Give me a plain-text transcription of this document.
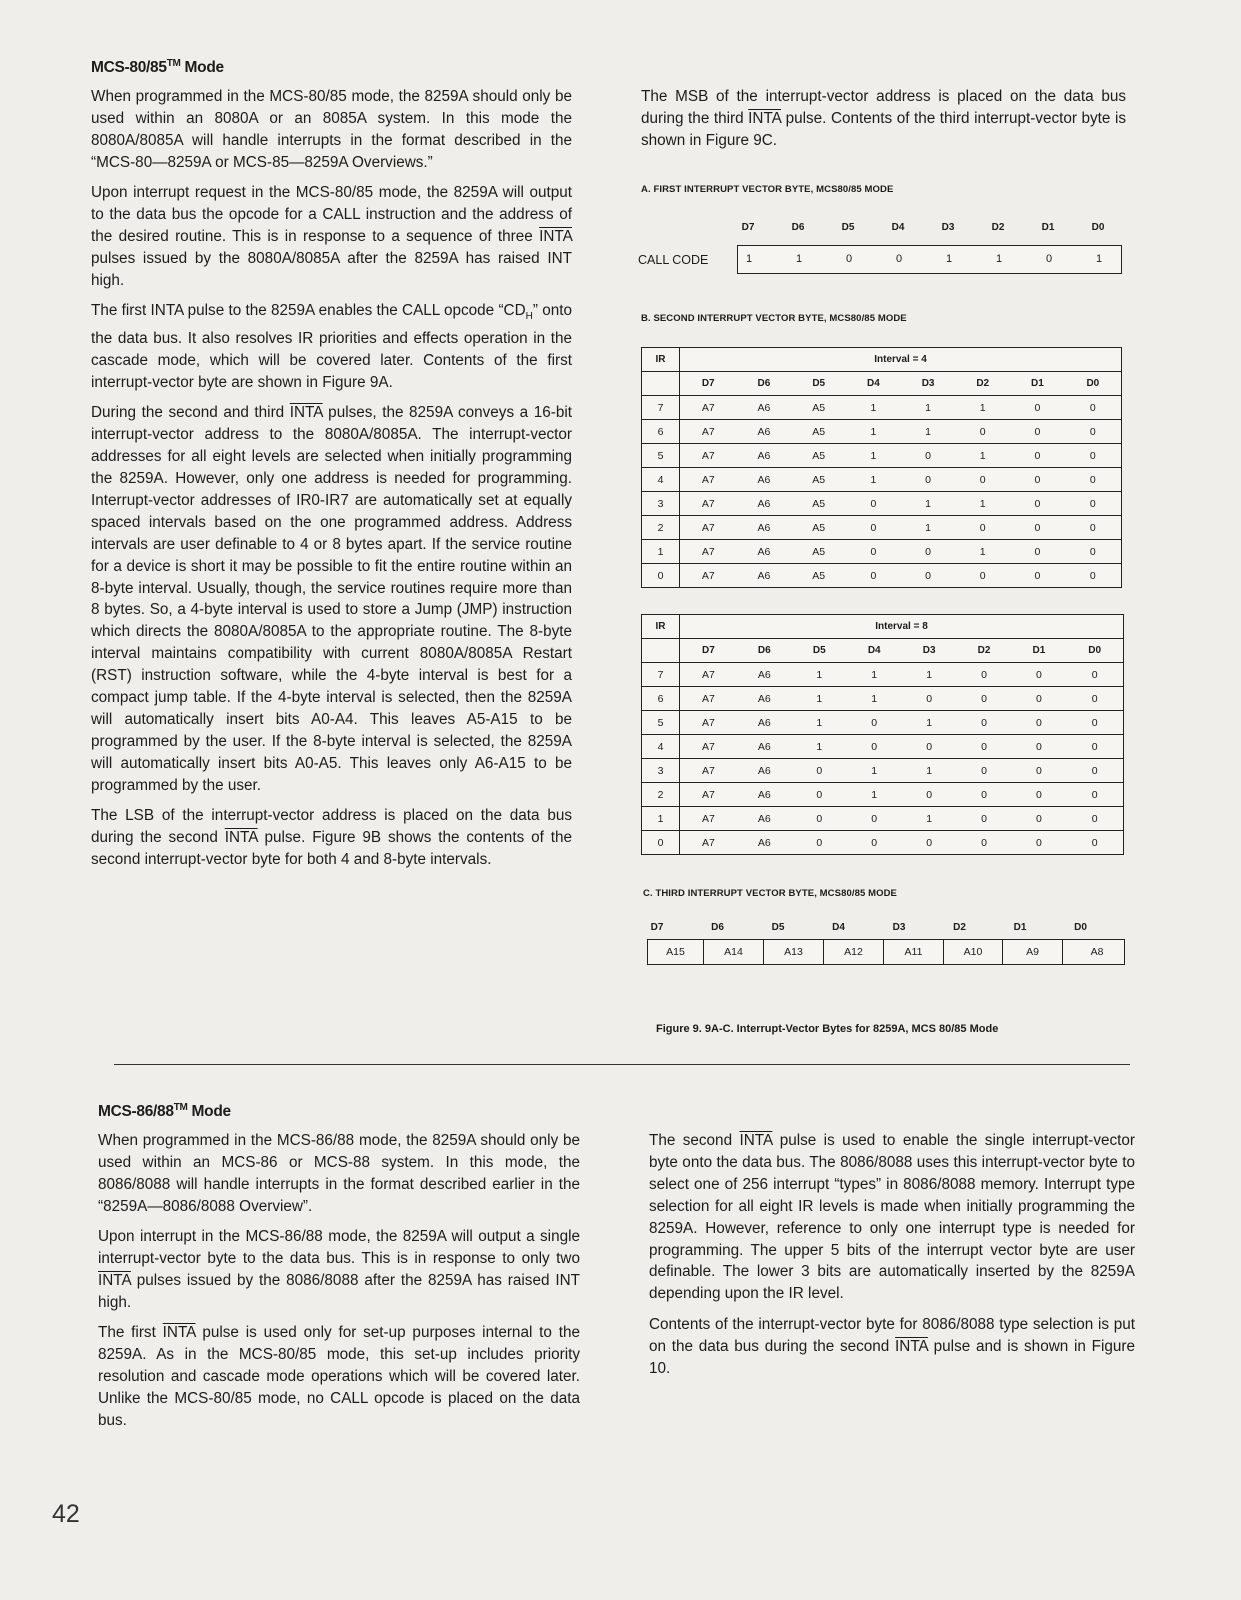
MCS-80/85™ Mode

When programmed in the MCS-80/85 mode, the 8259A should only be used within an 8080A or an 8085A system. In this mode the 8080A/8085A will handle interrupts in the format described in the “MCS-80—8259A or MCS-85—8259A Overviews.”

Upon interrupt request in the MCS-80/85 mode, the 8259A will output to the data bus the opcode for a CALL instruction and the address of the desired routine. This is in response to a sequence of three INTA pulses issued by the 8080A/8085A after the 8259A has raised INT high.

The first INTA pulse to the 8259A enables the CALL opcode “$CD_H$” onto the data bus. It also resolves IR priorities and effects operation in the cascade mode, which will be covered later. Contents of the first interrupt-vector byte are shown in Figure 9A.

During the second and third INTA pulses, the 8259A conveys a 16-bit interrupt-vector address to the 8080A/8085A. The interrupt-vector addresses for all eight levels are selected when initially programming the 8259A. However, only one address is needed for programming. Interrupt-vector addresses of IR0-IR7 are automatically set at equally spaced intervals based on the one programmed address. Address intervals are user definable to 4 or 8 bytes apart. If the service routine for a device is short it may be possible to fit the entire routine within an 8-byte interval. Usually, though, the service routines require more than 8 bytes. So, a 4-byte interval is used to store a Jump (JMP) instruction which directs the 8080A/8085A to the appropriate routine. The 8-byte interval maintains compatibility with current 8080A/8085A Restart (RST) instruction software, while the 4-byte interval is best for a compact jump table. If the 4-byte interval is selected, then the 8259A will automatically insert bits A0-A4. This leaves A5-A15 to be programmed by the user. If the 8-byte interval is selected, the 8259A will automatically insert bits A0-A5. This leaves only A6-A15 to be programmed by the user.

The LSB of the interrupt-vector address is placed on the data bus during the second INTA pulse. Figure 9B shows the contents of the second interrupt-vector byte for both 4 and 8-byte intervals.

The MSB of the interrupt-vector address is placed on the data bus during the third INTA pulse. Contents of the third interrupt-vector byte is shown in Figure 9C.

A. FIRST INTERRUPT VECTOR BYTE, MCS80/85 MODE
D7	D6	D5	D4	D3	D2	D1	D0
CALL CODE	1	1	0	0	1	1	0	1
B. SECOND INTERRUPT VECTOR BYTE, MCS80/85 MODE
IR	Interval = 4							
	D7	D6	D5	D4	D3	D2	D1	D0
7	A7	A6	A5	1	1	1	0	0
6	A7	A6	A5	1	1	0	0	0
5	A7	A6	A5	1	0	1	0	0
4	A7	A6	A5	1	0	0	0	0
3	A7	A6	A5	0	1	1	0	0
2	A7	A6	A5	0	1	0	0	0
1	A7	A6	A5	0	0	1	0	0
0	A7	A6	A5	0	0	0	0	0
IR	Interval = 8							
	D7	D6	D5	D4	D3	D2	D1	D0
7	A7	A6	1	1	1	0	0	0
6	A7	A6	1	1	0	0	0	0
5	A7	A6	1	0	1	0	0	0
4	A7	A6	1	0	0	0	0	0
3	A7	A6	0	1	1	0	0	0
2	A7	A6	0	1	0	0	0	0
1	A7	A6	0	0	1	0	0	0
0	A7	A6	0	0	0	0	0	0
C. THIRD INTERRUPT VECTOR BYTE, MCS80/85 MODE
D7	D6	D5	D4	D3	D2	D1	D0
A15	A14	A13	A12	A11	A10	A9	A8
Figure 9. 9A-C. Interrupt-Vector Bytes for 8259A, MCS 80/85 Mode
MCS-86/88™ Mode

When programmed in the MCS-86/88 mode, the 8259A should only be used within an MCS-86 or MCS-88 system. In this mode, the 8086/8088 will handle interrupts in the format described earlier in the “8259A—8086/8088 Overview”.

Upon interrupt in the MCS-86/88 mode, the 8259A will output a single interrupt-vector byte to the data bus. This is in response to only two INTA pulses issued by the 8086/8088 after the 8259A has raised INT high.

The first INTA pulse is used only for set-up purposes internal to the 8259A. As in the MCS-80/85 mode, this set-up includes priority resolution and cascade mode operations which will be covered later. Unlike the MCS-80/85 mode, no CALL opcode is placed on the data bus.

The second INTA pulse is used to enable the single interrupt-vector byte onto the data bus. The 8086/8088 uses this interrupt-vector byte to select one of 256 interrupt “types” in 8086/8088 memory. Interrupt type selection for all eight IR levels is made when initially programming the 8259A. However, reference to only one interrupt type is needed for programming. The upper 5 bits of the interrupt vector byte are user definable. The lower 3 bits are automatically inserted by the 8259A depending upon the IR level.

Contents of the interrupt-vector byte for 8086/8088 type selection is put on the data bus during the second INTA pulse and is shown in Figure 10.

42
